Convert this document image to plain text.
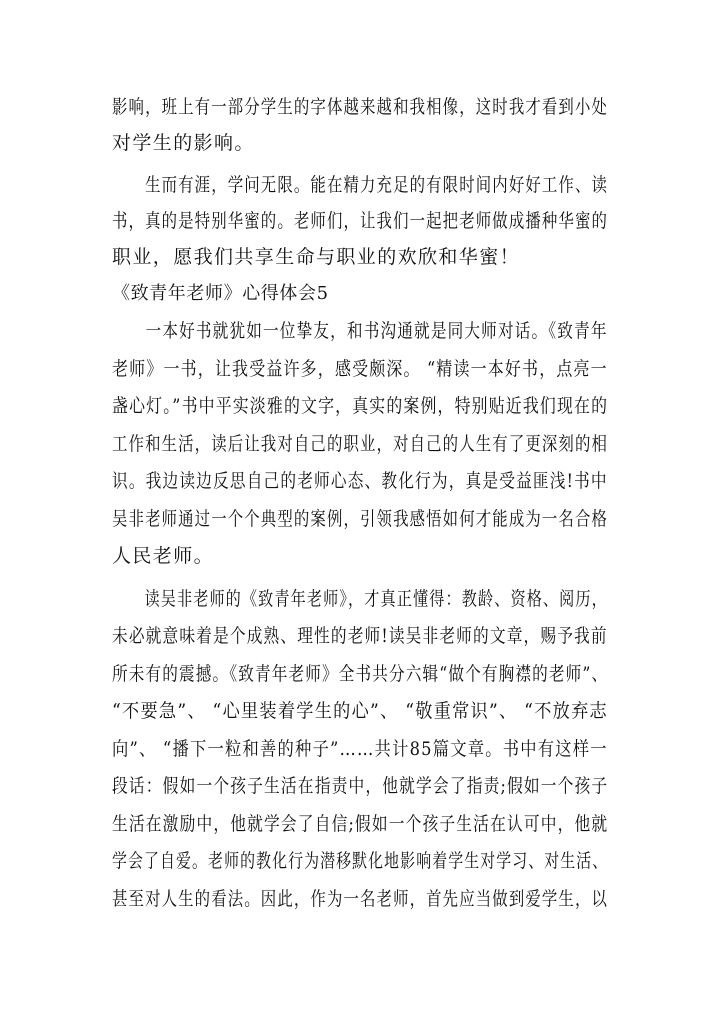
影响，班上有一部分学生的字体越来越和我相像，这时我才看到小处
对学生的影响。
　　生而有涯，学问无限。能在精力充足的有限时间内好好工作、读
书，真的是特别华蜜的。老师们，让我们一起把老师做成播种华蜜的
职业，愿我们共享生命与职业的欢欣和华蜜！
《致青年老师》心得体会5
　　一本好书就犹如一位挚友，和书沟通就是同大师对话。《致青年
老师》一书，让我受益许多，感受颇深。 “精读一本好书，点亮一
盏心灯。”书中平实淡雅的文字，真实的案例，特别贴近我们现在的
工作和生活，读后让我对自己的职业，对自己的人生有了更深刻的相
识。我边读边反思自己的老师心态、教化行为，真是受益匪浅!书中
吴非老师通过一个个典型的案例，引领我感悟如何才能成为一名合格
人民老师。
　　读吴非老师的《致青年老师》，才真正懂得：教龄、资格、阅历，
未必就意味着是个成熟、理性的老师!读吴非老师的文章，赐予我前
所未有的震撼。《致青年老师》全书共分六辑“做个有胸襟的老师”、
“不要急”、 “心里装着学生的心”、 “敬重常识”、 “不放弃志
向”、 “播下一粒和善的种子”……共计85篇文章。书中有这样一
段话：假如一个孩子生活在指责中，他就学会了指责;假如一个孩子
生活在激励中，他就学会了自信;假如一个孩子生活在认可中，他就
学会了自爱。老师的教化行为潜移默化地影响着学生对学习、对生活、
甚至对人生的看法。因此，作为一名老师，首先应当做到爱学生，以
